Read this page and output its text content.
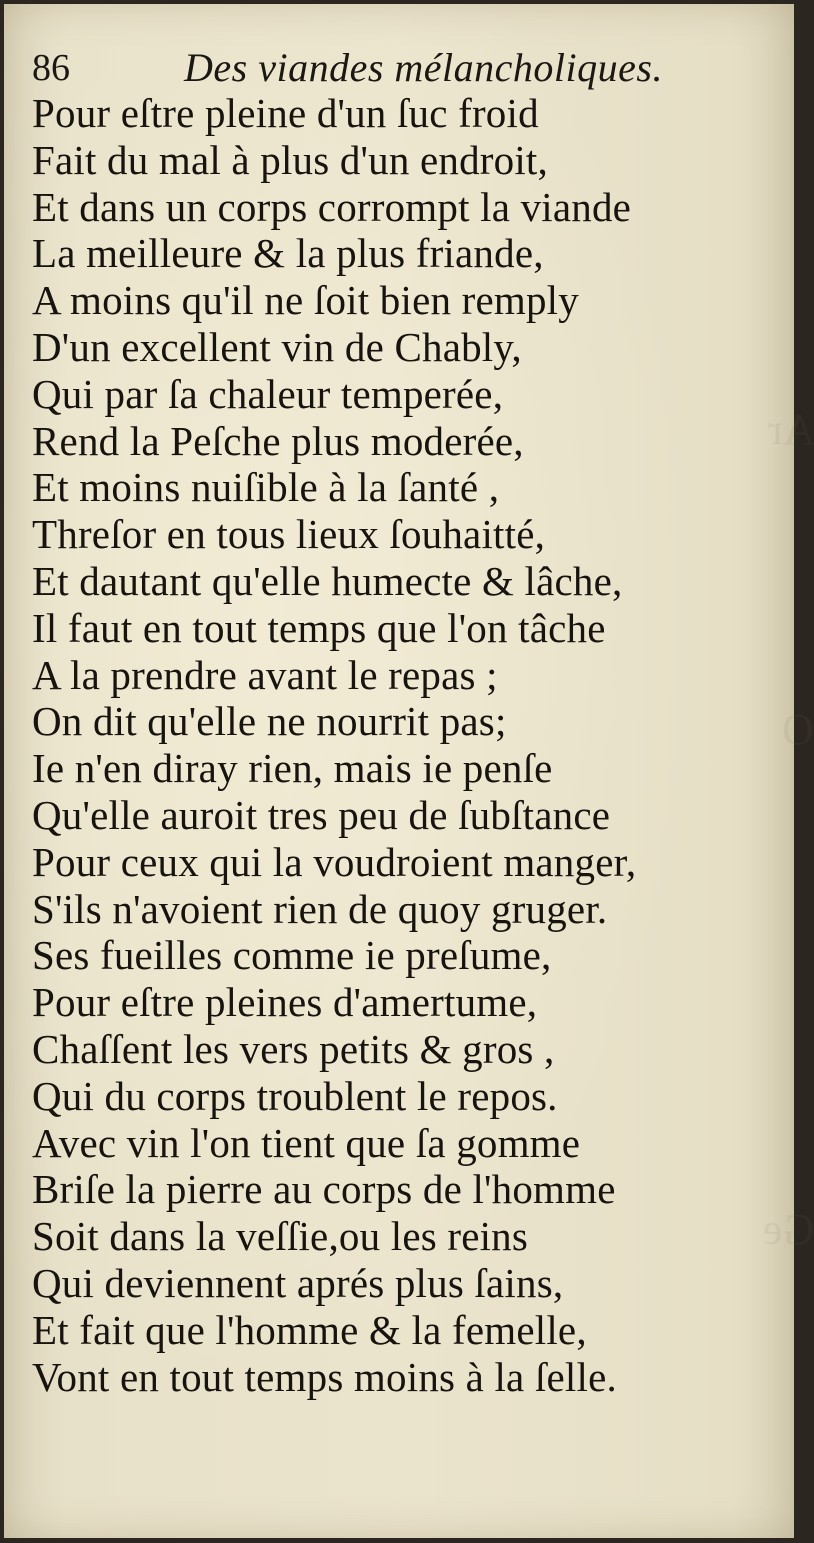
Ar
O
Ge
86	Des viandes mélancholiques.
Pour eſtre pleine d'un ſuc froid
Fait du mal à plus d'un endroit,
Et dans un corps corrompt la viande
La meilleure & la plus friande,
A moins qu'il ne ſoit bien remply
D'un excellent vin de Chably,
Qui par ſa chaleur temperée,
Rend la Peſche plus moderée,
Et moins nuiſible à la ſanté ,
Threſor en tous lieux ſouhaitté,
Et dautant qu'elle humecte & lâche,
Il faut en tout temps que l'on tâche
A la prendre avant le repas ;
On dit qu'elle ne nourrit pas;
Ie n'en diray rien, mais ie penſe
Qu'elle auroit tres peu de ſubſtance
Pour ceux qui la voudroient manger,
S'ils n'avoient rien de quoy gruger.
Ses fueilles comme ie preſume,
Pour eſtre pleines d'amertume,
Chaſſent les vers petits & gros ,
Qui du corps troublent le repos.
Avec vin l'on tient que ſa gomme
Briſe la pierre au corps de l'homme
Soit dans la veſſie,ou les reins
Qui deviennent aprés plus ſains,
Et fait que l'homme & la femelle,
Vont en tout temps moins à la ſelle.
